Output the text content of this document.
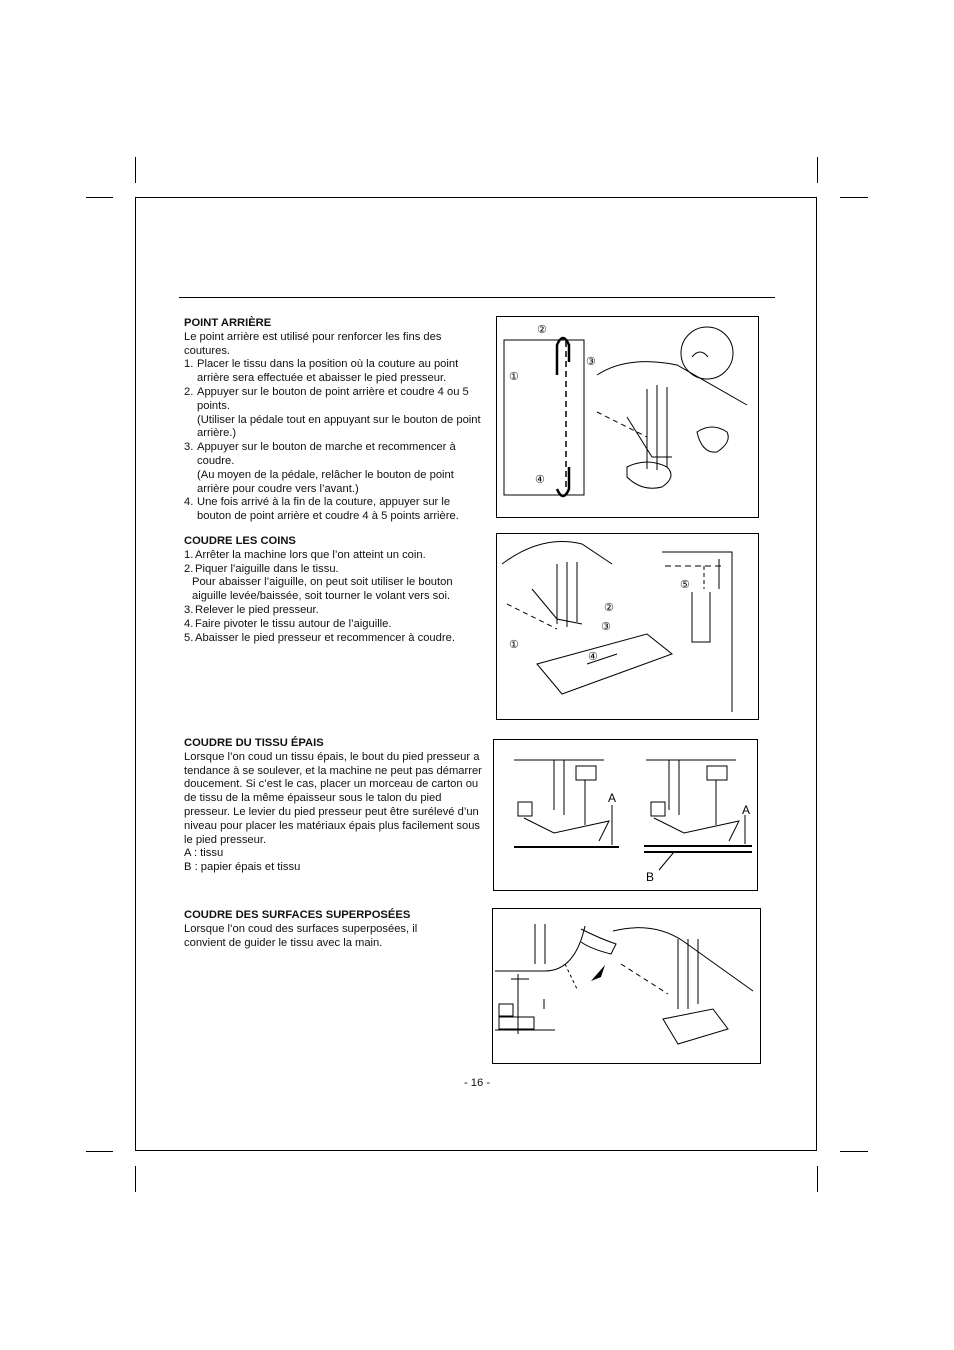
POINT ARRIÈRE

Le point arrière est utilisé pour renforcer les fins des coutures.

1. Placer le tissu dans la position où la couture au point arrière sera effectuée et abaisser le pied presseur.
2. Appuyer sur le bouton de point arrière et coudre 4 ou 5 points.
(Utiliser la pédale tout en appuyant sur le bouton de point arrière.)
3. Appuyer sur le bouton de marche et recommencer à coudre.
(Au moyen de la pédale, relâcher le bouton de point arrière pour coudre vers l’avant.)
4. Une fois arrivé à la fin de la couture, appuyer sur le bouton de point arrière et coudre 4 à 5 points arrière.
COUDRE LES COINS
1. Arrêter la machine lors que l’on atteint un coin.
2. Piquer l’aiguille dans le tissu.
Pour abaisser l’aiguille, on peut soit utiliser le bouton aiguille levée/baissée, soit tourner le volant vers soi.
3. Relever le pied presseur.
4. Faire pivoter le tissu autour de l’aiguille.
5. Abaisser le pied presseur et recommencer à coudre.
COUDRE DU TISSU ÉPAIS

Lorsque l’on coud un tissu épais, le bout du pied presseur a tendance à se soulever, et la machine ne peut pas démarrer doucement. Si c’est le cas, placer un morceau de carton ou de tissu de la même épaisseur sous le talon du pied presseur. Le levier du pied presseur peut être surélevé d’un niveau pour placer les matériaux épais plus facilement sous le pied presseur.

A : tissu

B : papier épais et tissu

COUDRE DES SURFACES SUPERPOSÉES

Lorsque l’on coud des surfaces superposées, il convient de guider le tissu avec la main.

②
③
①
④
①
②
③
④
⑤
A
A
B
- 16 -
